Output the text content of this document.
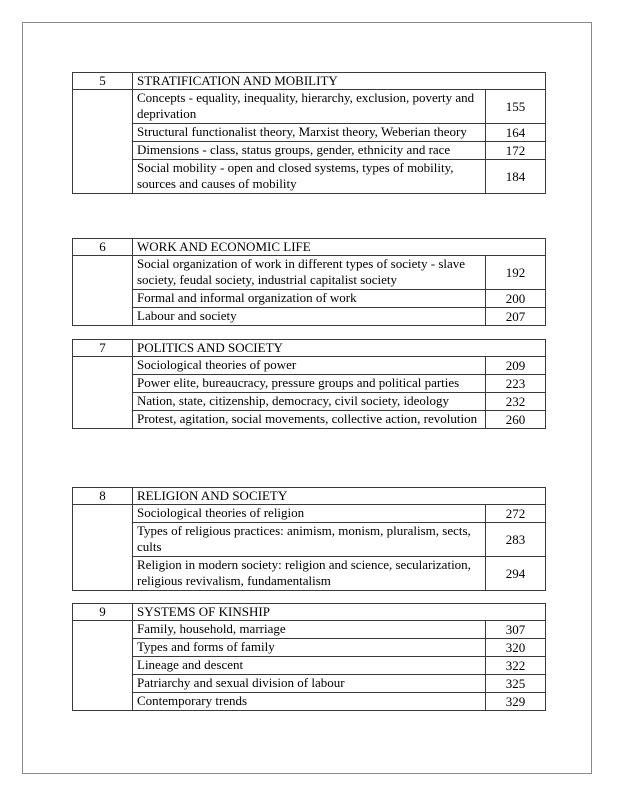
5	STRATIFICATION AND MOBILITY	
	Concepts - equality, inequality, hierarchy, exclusion, poverty and deprivation	155
	Structural functionalist theory, Marxist theory, Weberian theory	164
	Dimensions - class, status groups, gender, ethnicity and race	172
	Social mobility - open and closed systems, types of mobility, sources and causes of mobility	184
6	WORK AND ECONOMIC LIFE	
	Social organization of work in different types of society - slave society, feudal society, industrial capitalist society	192
	Formal and informal organization of work	200
	Labour and society	207
7	POLITICS AND SOCIETY	
	Sociological theories of power	209
	Power elite, bureaucracy, pressure groups and political parties	223
	Nation, state, citizenship, democracy, civil society, ideology	232
	Protest, agitation, social movements, collective action, revolution	260
8	RELIGION AND SOCIETY	
	Sociological theories of religion	272
	Types of religious practices: animism, monism, pluralism, sects, cults	283
	Religion in modern society: religion and science, secularization, religious revivalism, fundamentalism	294
9	SYSTEMS OF KINSHIP	
	Family, household, marriage	307
	Types and forms of family	320
	Lineage and descent	322
	Patriarchy and sexual division of labour	325
	Contemporary trends	329
